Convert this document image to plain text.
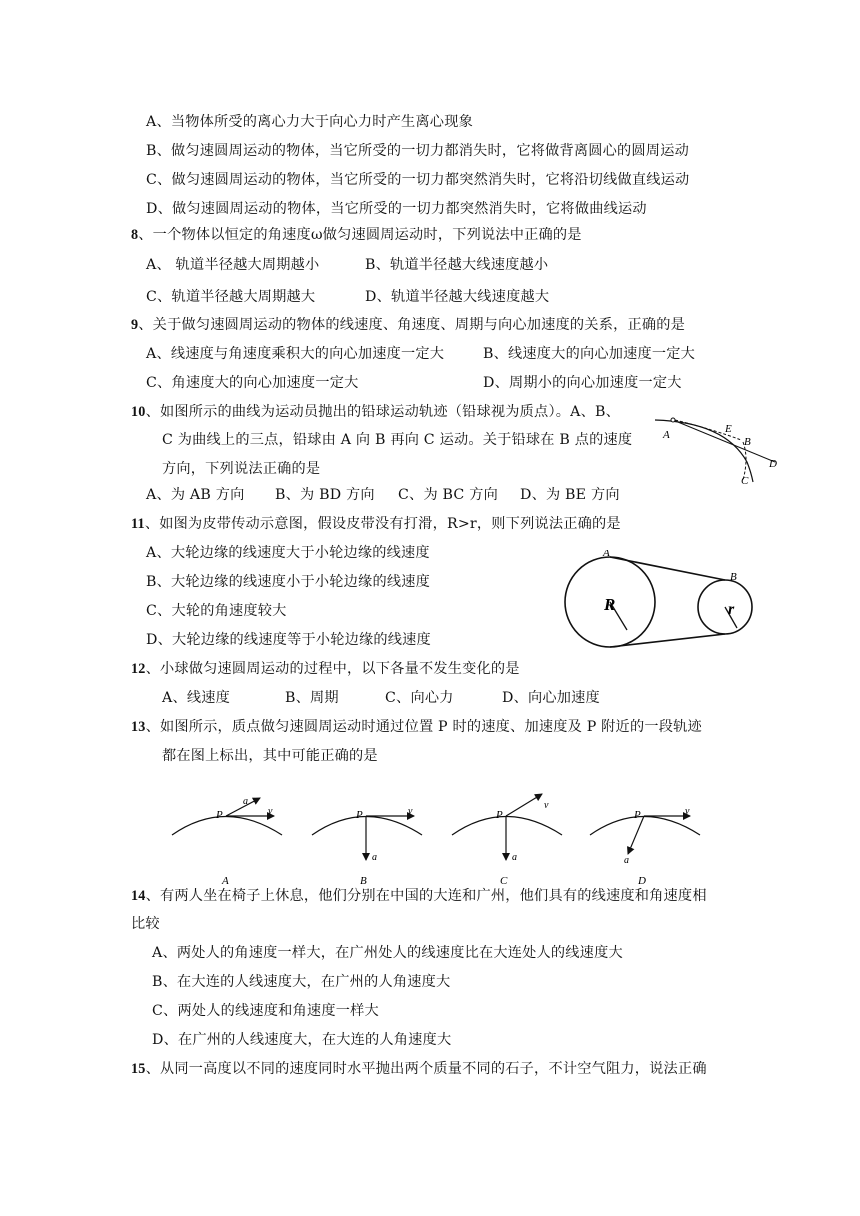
A、当物体所受的离心力大于向心力时产生离心现象
B、做匀速圆周运动的物体，当它所受的一切力都消失时，它将做背离圆心的圆周运动
C、做匀速圆周运动的物体，当它所受的一切力都突然消失时，它将沿切线做直线运动
D、做匀速圆周运动的物体，当它所受的一切力都突然消失时，它将做曲线运动
8、一个物体以恒定的角速度ω做匀速圆周运动时，下列说法中正确的是
A、 轨道半径越大周期越小	B、轨道半径越大线速度越小
C、轨道半径越大周期越大	D、轨道半径越大线速度越大
9、关于做匀速圆周运动的物体的线速度、角速度、周期与向心加速度的关系，正确的是
A、线速度与角速度乘积大的向心加速度一定大	B、线速度大的向心加速度一定大
C、角速度大的向心加速度一定大	D、周期小的向心加速度一定大
10、如图所示的曲线为运动员抛出的铅球运动轨迹（铅球视为质点）。A、B、
C 为曲线上的三点，铅球由 A 向 B 再向 C 运动。关于铅球在 B 点的速度
方向，下列说法正确的是
A、为 AB 方向 B、为 BD 方向 C、为 BC 方向 D、为 BE 方向
A	E
B
D
C
11、如图为皮带传动示意图，假设皮带没有打滑，R>r，则下列说法正确的是
A、大轮边缘的线速度大于小轮边缘的线速度
B、大轮边缘的线速度小于小轮边缘的线速度
C、大轮的角速度较大
D、大轮边缘的线速度等于小轮边缘的线速度
A
B
R	r
12、小球做匀速圆周运动的过程中，以下各量不发生变化的是
A、线速度	B、周期	C、向心力	D、向心加速度
13、如图所示，质点做匀速圆周运动时通过位置 P 时的速度、加速度及 P 附近的一段轨迹
都在图上标出，其中可能正确的是
P	v
a
A
P	v
a
B
P
v
a
C
P	v
a
D
14、有两人坐在椅子上休息，他们分别在中国的大连和广州，他们具有的线速度和角速度相
比较
A、两处人的角速度一样大，在广州处人的线速度比在大连处人的线速度大
B、在大连的人线速度大，在广州的人角速度大
C、两处人的线速度和角速度一样大
D、在广州的人线速度大，在大连的人角速度大
15、从同一高度以不同的速度同时水平抛出两个质量不同的石子，不计空气阻力，说法正确
